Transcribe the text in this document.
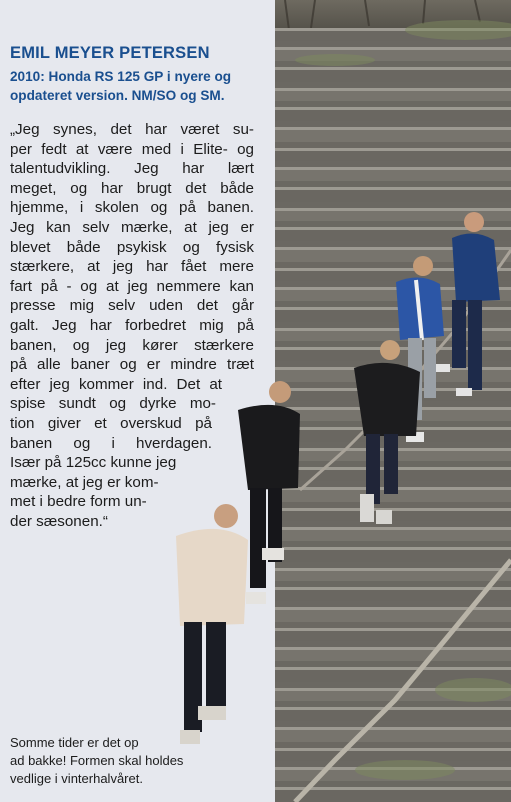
EMIL MEYER PETERSEN
2010: Honda RS 125 GP i nyere og
opdateret version. NM/SO og SM.
„Jeg synes, det har været su-
per fedt at være med i Elite- og
talentudvikling. Jeg har lært
meget, og har brugt det både
hjemme, i skolen og på banen.
Jeg kan selv mærke, at jeg er
blevet både psykisk og fysisk
stærkere, at jeg har fået mere
fart på - og at jeg nemmere kan
presse mig selv uden det går
galt. Jeg har forbedret mig på
banen, og jeg kører stærkere
på alle baner og er mindre træt
efter jeg kommer ind. Det at
spise sundt og dyrke mo-
tion giver et overskud på
banen og i hverdagen.
Især på 125cc kunne jeg
mærke, at jeg er kom-
met i bedre form un-
der sæsonen.“
Somme tider er det op
ad bakke! Formen skal holdes
vedlige i vinterhalvåret.
